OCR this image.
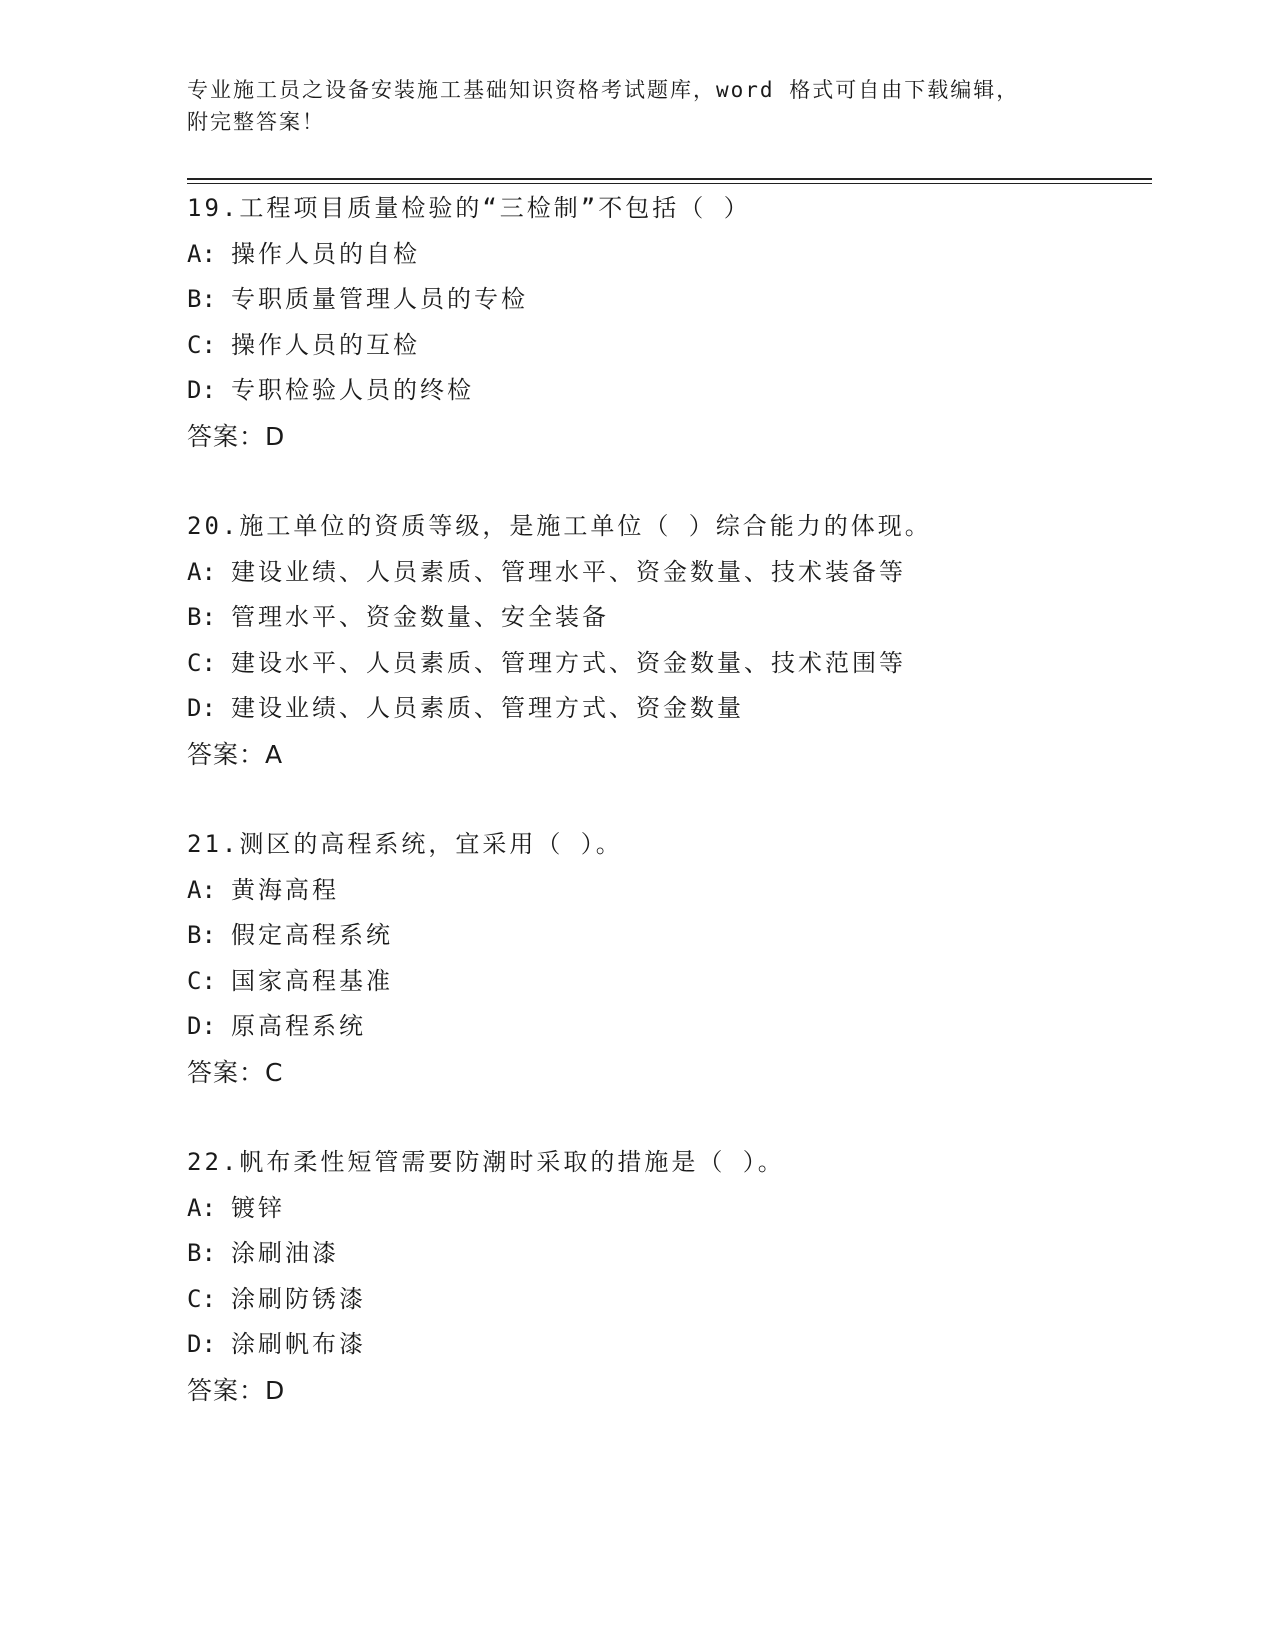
专业施工员之设备安装施工基础知识资格考试题库，word 格式可自由下载编辑，
附完整答案！
19.工程项目质量检验的“三检制”不包括（ ）
A: 操作人员的自检
B: 专职质量管理人员的专检
C: 操作人员的互检
D: 专职检验人员的终检
答案：D
20.施工单位的资质等级，是施工单位（ ）综合能力的体现。
A: 建设业绩、人员素质、管理水平、资金数量、技术装备等
B: 管理水平、资金数量、安全装备
C: 建设水平、人员素质、管理方式、资金数量、技术范围等
D: 建设业绩、人员素质、管理方式、资金数量
答案：A
21.测区的高程系统，宜采用（ ）。
A: 黄海高程
B: 假定高程系统
C: 国家高程基准
D: 原高程系统
答案：C
22.帆布柔性短管需要防潮时采取的措施是（ ）。
A: 镀锌
B: 涂刷油漆
C: 涂刷防锈漆
D: 涂刷帆布漆
答案：D
